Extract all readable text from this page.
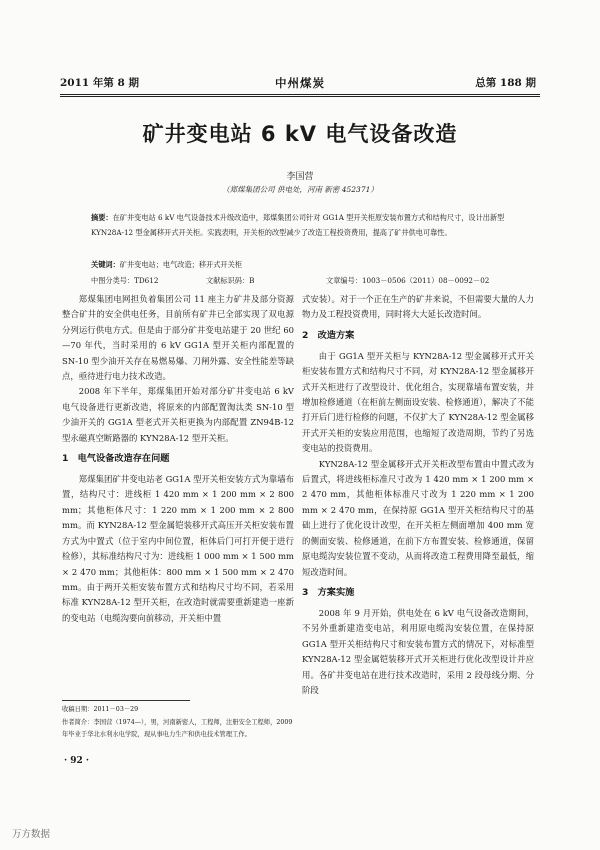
2011 年第 8 期	中州煤炭	总第 188 期
矿井变电站 6 kV 电气设备改造
李国营
（郑煤集团公司 供电处，河南 新密 452371）
摘要：在矿井变电站 6 kV 电气设备技术升级改造中，郑煤集团公司针对 GG1A 型开关柜原安装布置方式和结构尺寸，设计出新型 KYN28A-12 型金属移开式开关柜。实践表明，开关柜的改型减少了改造工程投资费用，提高了矿井供电可靠性。
关键词：矿井变电站；电气改造；移开式开关柜
中图分类号：TD612	文献标识码：B	文章编号：1003－0506（2011）08－0092－02

郑煤集团电网担负着集团公司 11 座主力矿井及部分资源整合矿井的安全供电任务，目前所有矿井已全部实现了双电源分列运行供电方式。但是由于部分矿井变电站建于 20 世纪 60—70 年代，当时采用的 6 kV GG1A 型开关柜内部配置的 SN-10 型少油开关存在易燃易爆、刀闸外露、安全性能差等缺点，亟待进行电力技术改造。

2008 年下半年，郑煤集团开始对部分矿井变电站 6 kV 电气设备进行更新改造，将原来的内部配置淘汰类 SN-10 型少油开关的 GG1A 型老式开关柜更换为内部配置 ZN94B-12 型永磁真空断路器的 KYN28A-12 型开关柜。

1　电气设备改造存在问题

郑煤集团矿井变电站老 GG1A 型开关柜安装方式为靠墙布置，结构尺寸：进线柜 1 420 mm × 1 200 mm × 2 800 mm；其他柜体尺寸：1 220 mm × 1 200 mm × 2 800 mm。而 KYN28A-12 型金属铠装移开式高压开关柜安装布置方式为中置式（位于室内中间位置，柜体后门可打开便于进行检修），其标准结构尺寸为：进线柜 1 000 mm × 1 500 mm × 2 470 mm；其他柜体：800 mm × 1 500 mm × 2 470 mm。由于两开关柜安装布置方式和结构尺寸均不同，若采用标准 KYN28A-12 型开关柜，在改造时就需要重新建造一座新的变电站（电缆沟要向前移动，开关柜中置

式安装）。对于一个正在生产的矿井来说，不但需要大量的人力物力及工程投资费用，同时将大大延长改造时间。

2　改造方案

由于 GG1A 型开关柜与 KYN28A-12 型金属移开式开关柜安装布置方式和结构尺寸不同，对 KYN28A-12 型金属移开式开关柜进行了改型设计、优化组合，实现靠墙布置安装，并增加检修通道（在柜前左侧面设安装、检修通道），解决了不能打开后门进行检修的问题，不仅扩大了 KYN28A-12 型金属移开式开关柜的安装应用范围，也缩短了改造周期，节约了另选变电站的投资费用。

KYN28A-12 型金属移开式开关柜改型布置由中置式改为后置式，将进线柜标准尺寸改为 1 420 mm × 1 200 mm × 2 470 mm，其他柜体标准尺寸改为 1 220 mm × 1 200 mm × 2 470 mm，在保持原 GG1A 型开关柜结构尺寸的基础上进行了优化设计改型，在开关柜左侧面增加 400 mm 宽的侧面安装、检修通道，在前下方布置安装、检修通道，保留原电缆沟安装位置不变动，从而将改造工程费用降至最低，缩短改造时间。

3　方案实施

2008 年 9 月开始，供电处在 6 kV 电气设备改造期间，不另外重新建造变电站，利用原电缆沟安装位置，在保持原 GG1A 型开关柜结构尺寸和安装布置方式的情况下，对标准型 KYN28A-12 型金属铠装移开式开关柜进行优化改型设计并应用。各矿井变电站在进行技术改造时，采用 2 段母线分期、分阶段

收稿日期：2011－03－29
作者简介：李国营（1974—），男，河南新密人，工程师，注册安全工程师，2009 年毕业于华北水利水电学院，现从事电力生产和供电技术管理工作。
· 92 ·
万方数据
